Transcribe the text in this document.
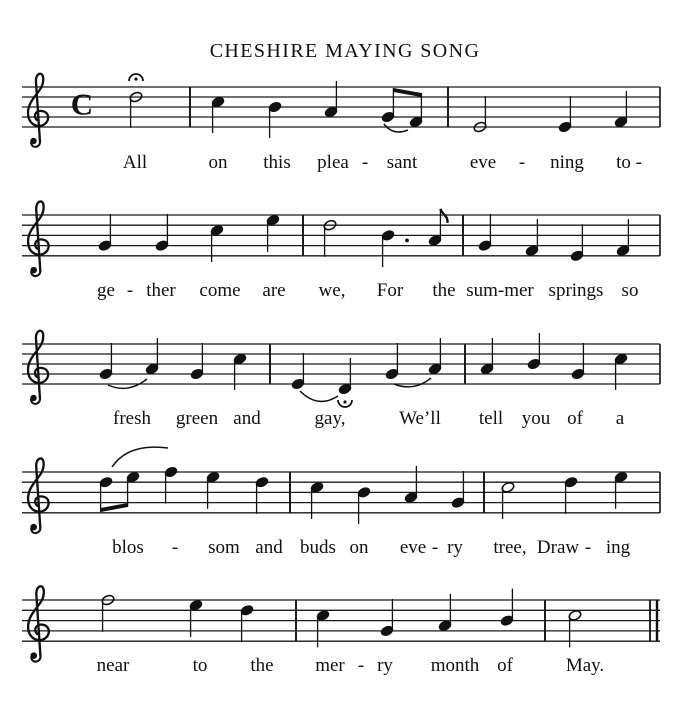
CHESHIRE MAYING SONG
C
All	on this plea - sant	eve - ning to -
ge - ther come are we, For the sum-mer springs so
fresh green and	gay,	We’ll tell you of a
blos - som and buds on eve - ry tree, Draw - ing
near	to the mer - ry month of	May.
